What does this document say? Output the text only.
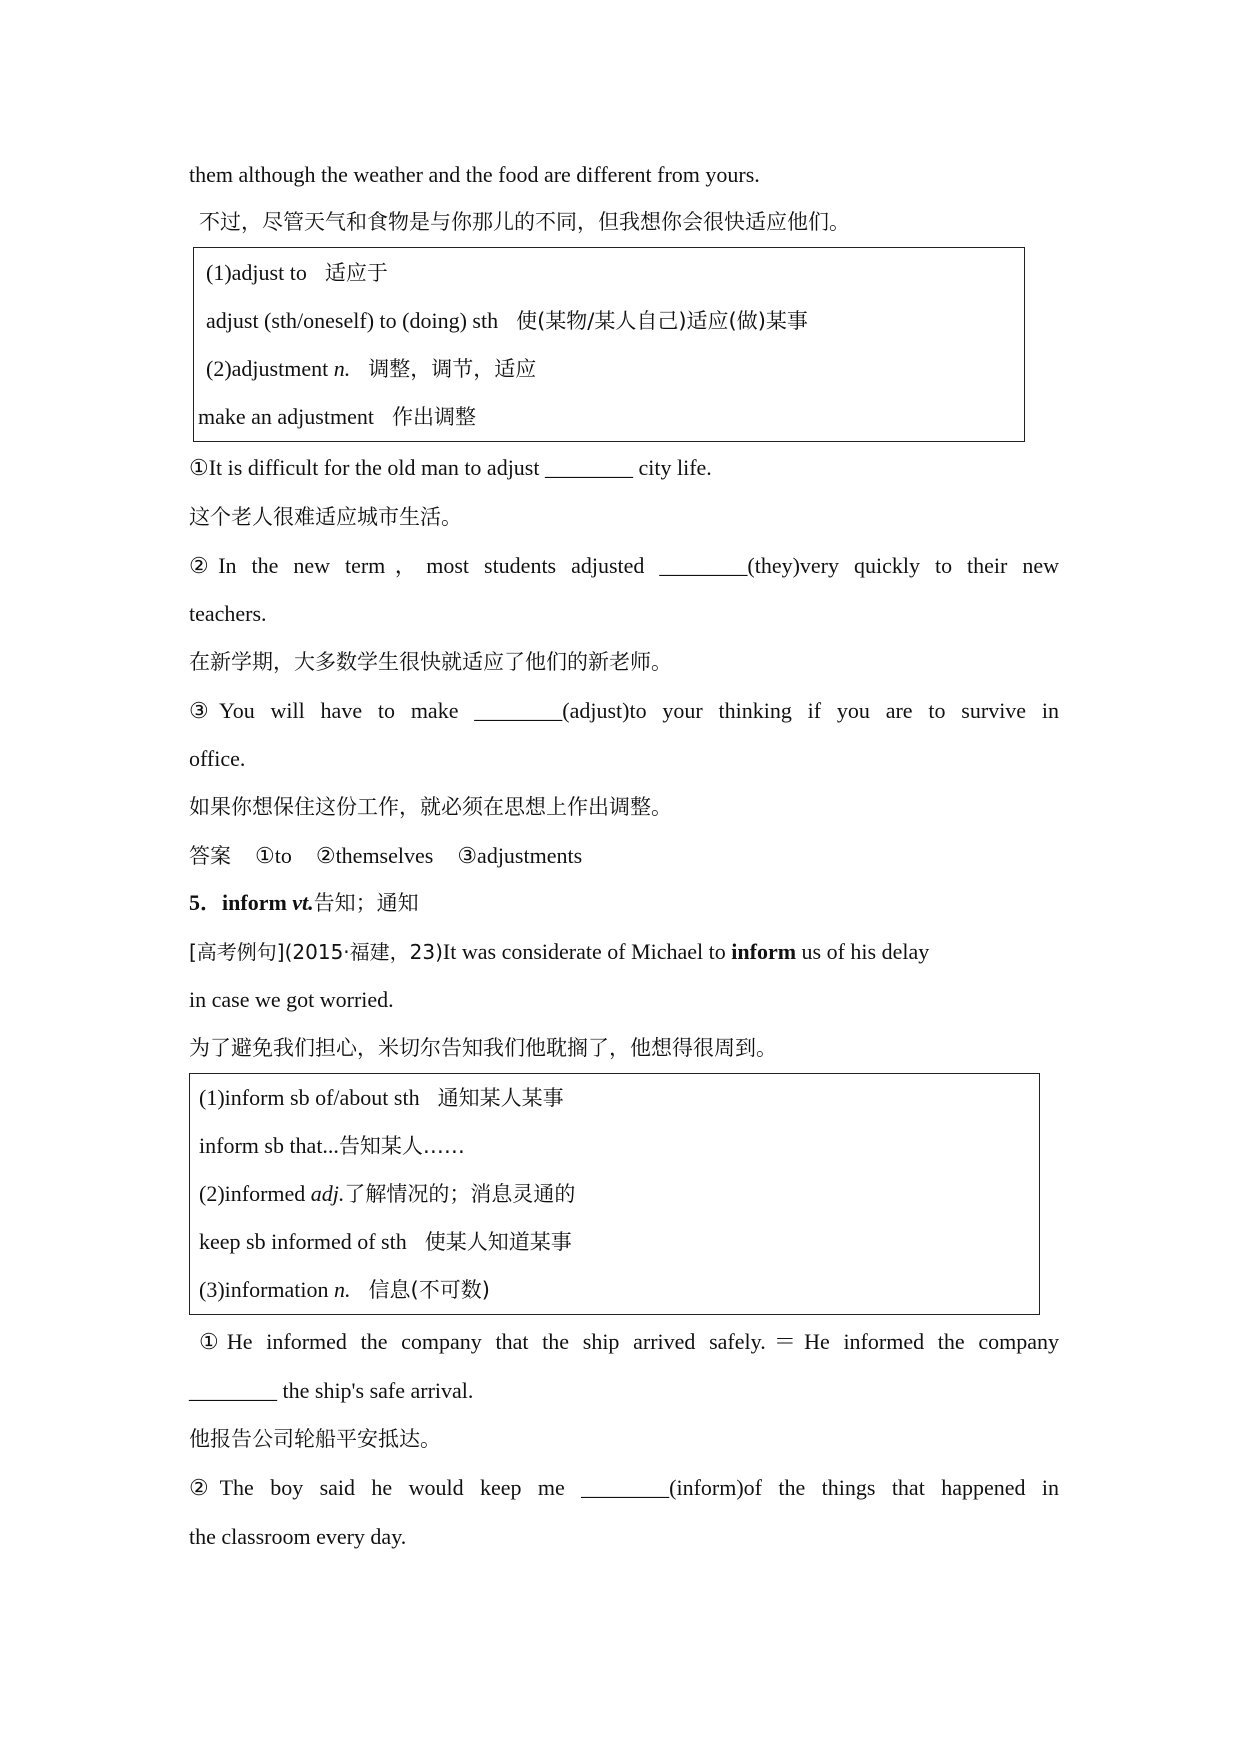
them although the weather and the food are different from yours.
不过，尽管天气和食物是与你那儿的不同，但我想你会很快适应他们。
(1)adjust to 适应于
adjust (sth/oneself) to (doing) sth 使(某物/某人自己)适应(做)某事
(2)adjustment n. 调整，调节，适应
make an adjustment 作出调整
①It is difficult for the old man to adjust ________ city life.
这个老人很难适应城市生活。
②In the new term，most students adjusted ________(they)very quickly to their new
teachers.
在新学期，大多数学生很快就适应了他们的新老师。
③You will have to make ________(adjust)to your thinking if you are to survive in
office.
如果你想保住这份工作，就必须在思想上作出调整。
答案 ①to ②themselves ③adjustments
5．inform vt.告知；通知
[高考例句](2015·福建，23)It was considerate of Michael to inform us of his delay
in case we got worried.
为了避免我们担心，米切尔告知我们他耽搁了，他想得很周到。
(1)inform sb of/about sth 通知某人某事
inform sb that...告知某人……
(2)informed adj.了解情况的；消息灵通的
keep sb informed of sth 使某人知道某事
(3)information n. 信息(不可数)
①He informed the company that the ship arrived safely.＝He informed the company
________ the ship's safe arrival.
他报告公司轮船平安抵达。
②The boy said he would keep me ________(inform)of the things that happened in
the classroom every day.
